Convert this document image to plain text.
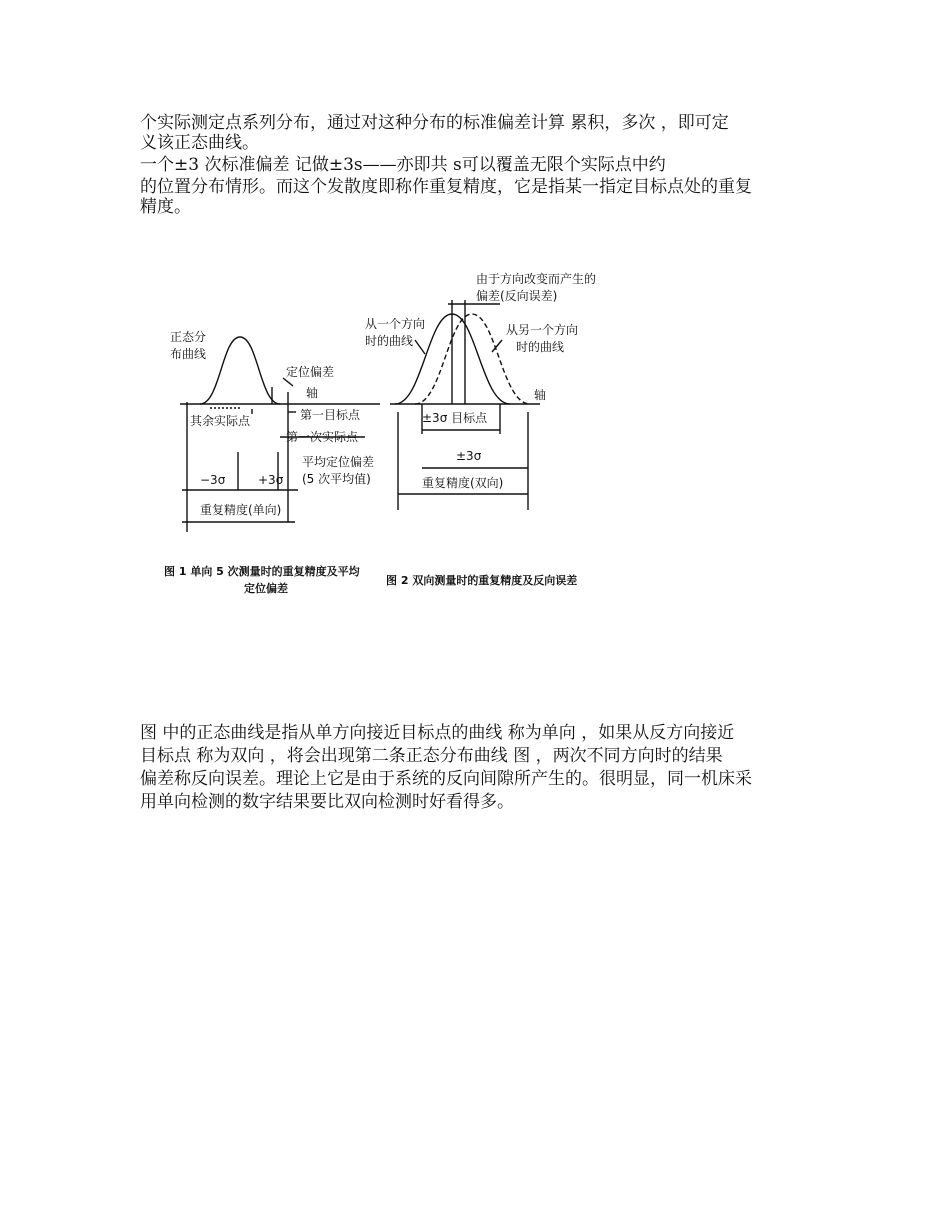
个实际测定点系列分布，通过对这种分布的标准偏差计算 累积，多次 ，即可定
义该正态曲线。
一个±3 次标准偏差 记做±3s——亦即共 s可以覆盖无限个实际点中约
的位置分布情形。而这个发散度即称作重复精度，它是指某一指定目标点处的重复
精度。
正态分
布曲线
定位偏差
轴
其余实际点	第一目标点
第一次实际点
平均定位偏差
(5 次平均值)
−3σ	+3σ
重复精度(单向)
图 1 单向 5 次测量时的重复精度及平均
定位偏差
由于方向改变而产生的
偏差(反向误差)
从一个方向
时的曲线
从另一个方向
时的曲线
轴
±3σ 目标点
±3σ
重复精度(双向)
图 2 双向测量时的重复精度及反向误差
图 中的正态曲线是指从单方向接近目标点的曲线 称为单向 ，如果从反方向接近
目标点 称为双向 ，将会出现第二条正态分布曲线 图 ，两次不同方向时的结果
偏差称反向误差。理论上它是由于系统的反向间隙所产生的。很明显，同一机床采
用单向检测的数字结果要比双向检测时好看得多。
